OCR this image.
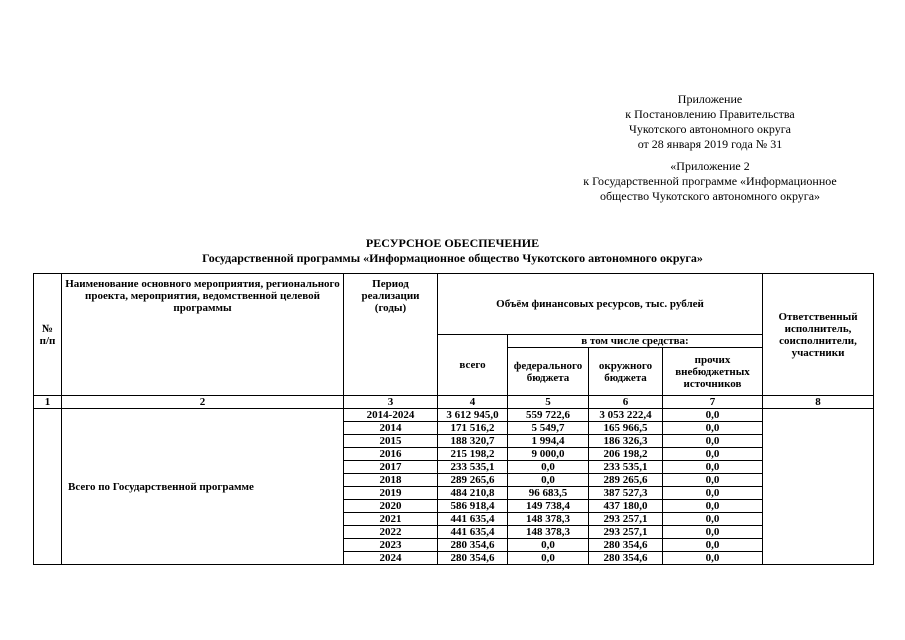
Приложение
к Постановлению Правительства
Чукотского автономного округа
от 28 января 2019 года № 31
«Приложение 2
к Государственной программе «Информационное
общество Чукотского автономного округа»
РЕСУРСНОЕ ОБЕСПЕЧЕНИЕ
Государственной программы «Информационное общество Чукотского автономного округа»
№ п/п	Наименование основного мероприятия, регионального проекта, мероприятия, ведомственной целевой программы	Период реализации (годы)	Объём финансовых ресурсов, тыс. рублей				Ответственный исполнитель, соисполнители, участники
			всего	в том числе средства:			
				федерального бюджета	окружного бюджета	прочих внебюджетных источников	
1	2	3	4	5	6	7	8
	Всего по Государственной программе	2014-2024	3 612 945,0	559 722,6	3 053 222,4	0,0	
		2014	171 516,2	5 549,7	165 966,5	0,0	
		2015	188 320,7	1 994,4	186 326,3	0,0	
		2016	215 198,2	9 000,0	206 198,2	0,0	
		2017	233 535,1	0,0	233 535,1	0,0	
		2018	289 265,6	0,0	289 265,6	0,0	
		2019	484 210,8	96 683,5	387 527,3	0,0	
		2020	586 918,4	149 738,4	437 180,0	0,0	
		2021	441 635,4	148 378,3	293 257,1	0,0	
		2022	441 635,4	148 378,3	293 257,1	0,0	
		2023	280 354,6	0,0	280 354,6	0,0	
		2024	280 354,6	0,0	280 354,6	0,0	
